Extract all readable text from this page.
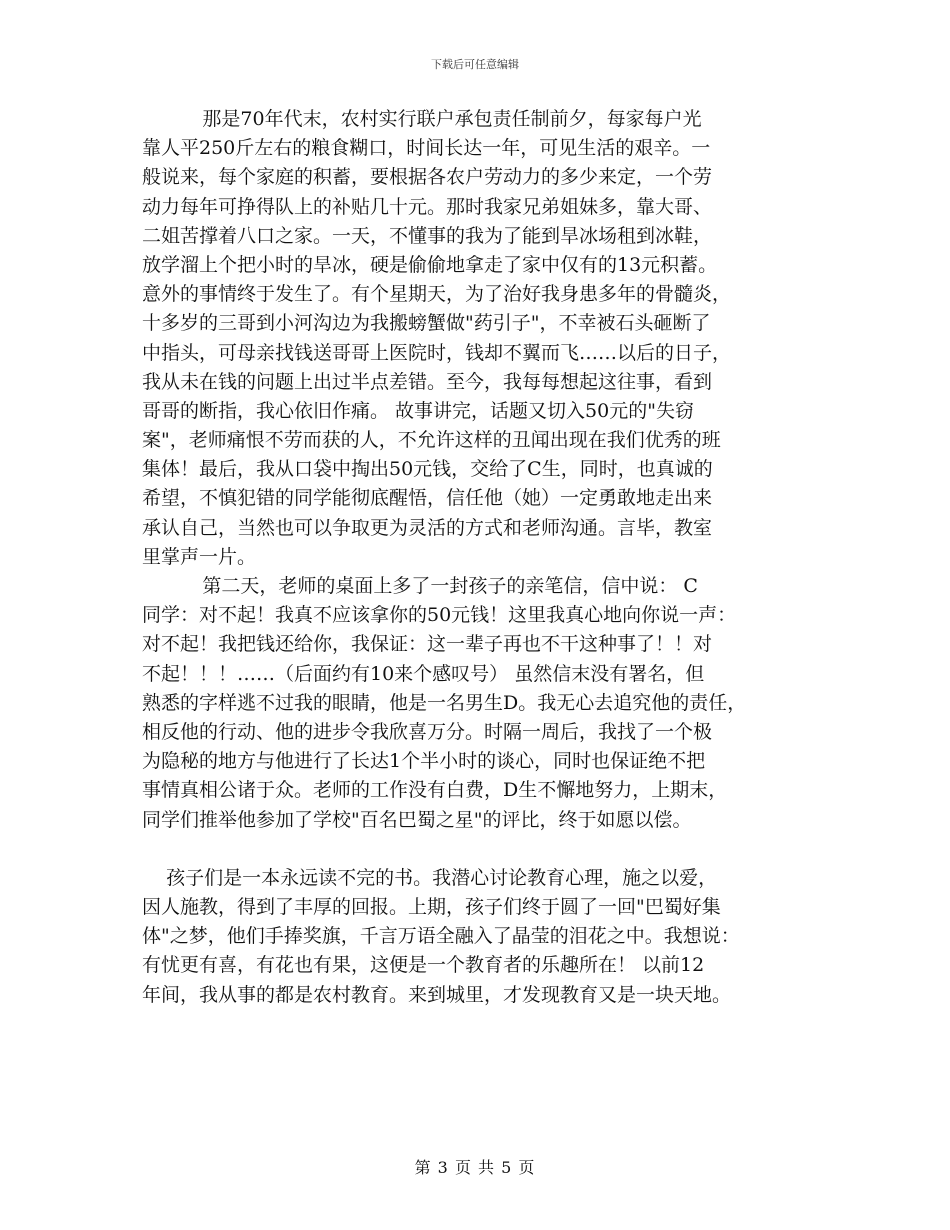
下载后可任意编辑
那是70年代末，农村实行联户承包责任制前夕，每家每户光
靠人平250斤左右的粮食糊口，时间长达一年，可见生活的艰辛。一
般说来，每个家庭的积蓄，要根据各农户劳动力的多少来定，一个劳
动力每年可挣得队上的补贴几十元。那时我家兄弟姐妹多，靠大哥、
二姐苦撑着八口之家。一天，不懂事的我为了能到旱冰场租到冰鞋，
放学溜上个把小时的旱冰，硬是偷偷地拿走了家中仅有的13元积蓄。
意外的事情终于发生了。有个星期天，为了治好我身患多年的骨髓炎，
十多岁的三哥到小河沟边为我搬螃蟹做"药引子"，不幸被石头砸断了
中指头，可母亲找钱送哥哥上医院时，钱却不翼而飞……以后的日子，
我从未在钱的问题上出过半点差错。至今，我每每想起这往事，看到
哥哥的断指，我心依旧作痛。 故事讲完，话题又切入50元的"失窃
案"，老师痛恨不劳而获的人，不允许这样的丑闻出现在我们优秀的班
集体！最后，我从口袋中掏出50元钱，交给了C生，同时，也真诚的
希望，不慎犯错的同学能彻底醒悟，信任他（她）一定勇敢地走出来
承认自己，当然也可以争取更为灵活的方式和老师沟通。言毕，教室
里掌声一片。
第二天，老师的桌面上多了一封孩子的亲笔信，信中说： C
同学：对不起！我真不应该拿你的50元钱！这里我真心地向你说一声：
对不起！我把钱还给你，我保证：这一辈子再也不干这种事了！！对
不起！！！……（后面约有10来个感叹号） 虽然信末没有署名，但
熟悉的字样逃不过我的眼睛，他是一名男生D。我无心去追究他的责任，
相反他的行动、他的进步令我欣喜万分。时隔一周后，我找了一个极
为隐秘的地方与他进行了长达1个半小时的谈心，同时也保证绝不把
事情真相公诸于众。老师的工作没有白费，D生不懈地努力，上期末，
同学们推举他参加了学校"百名巴蜀之星"的评比，终于如愿以偿。
孩子们是一本永远读不完的书。我潜心讨论教育心理，施之以爱，
因人施教，得到了丰厚的回报。上期，孩子们终于圆了一回"巴蜀好集
体"之梦，他们手捧奖旗，千言万语全融入了晶莹的泪花之中。我想说：
有忧更有喜，有花也有果，这便是一个教育者的乐趣所在！ 以前12
年间，我从事的都是农村教育。来到城里，才发现教育又是一块天地。
第 3 页 共 5 页
